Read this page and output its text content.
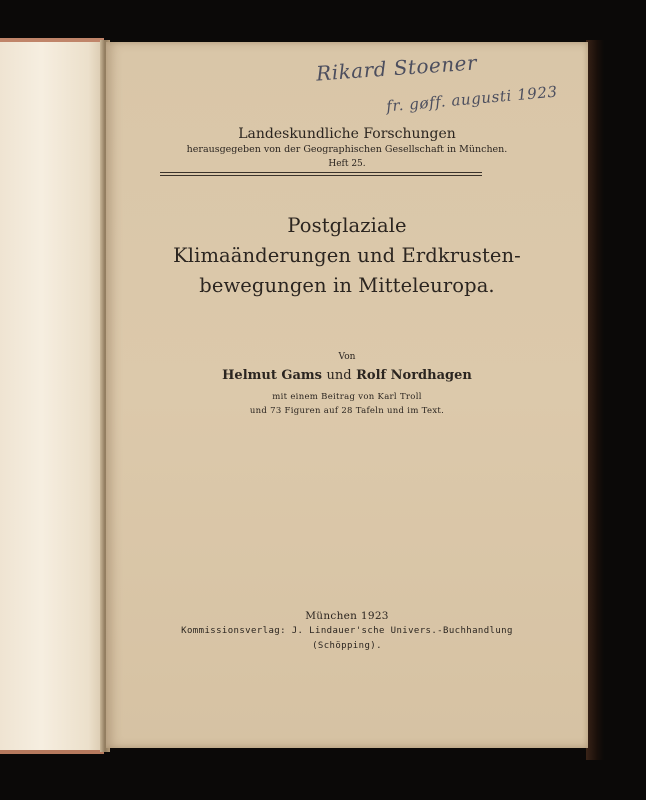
Rikard Stoener
fr. gøff. augusti 1923
Landeskundliche Forschungen
herausgegeben von der Geographischen Gesellschaft in München.
Heft 25.
Postglaziale
Klimaänderungen und Erdkrusten-
bewegungen in Mitteleuropa.
Von
Helmut Gams und Rolf Nordhagen
mit einem Beitrag von Karl Troll
und 73 Figuren auf 28 Tafeln und im Text.
München 1923
Kommissionsverlag: J. Lindauer'sche Univers.-Buchhandlung
(Schöpping).
